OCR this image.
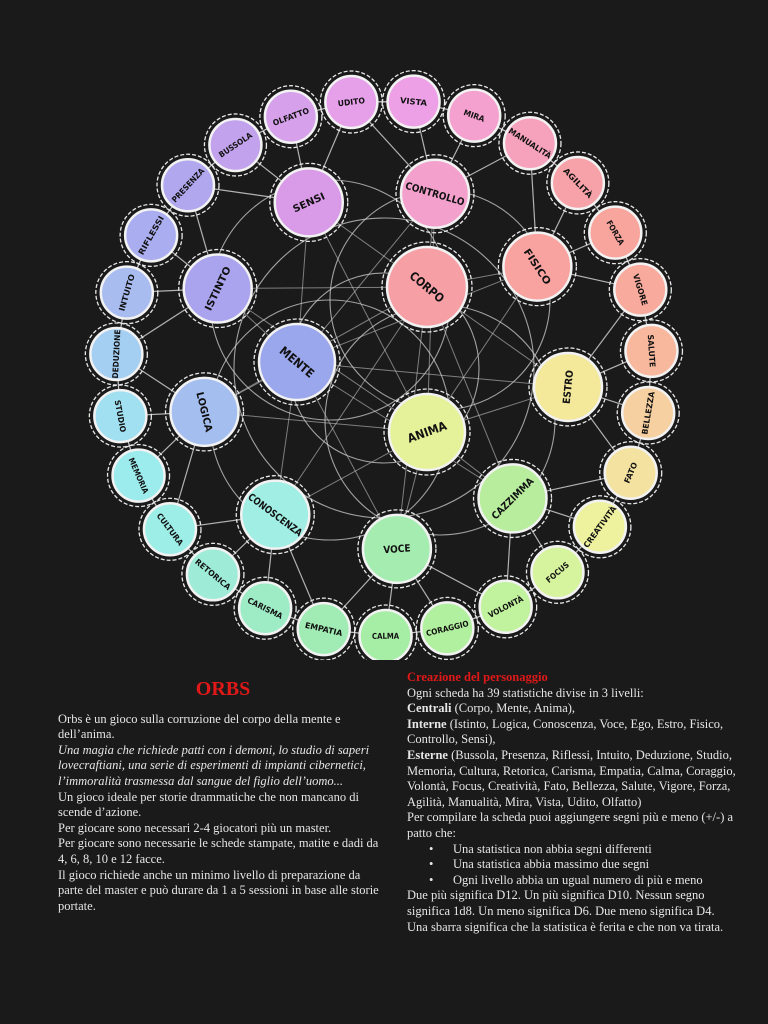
UDITO	VISTA
MIRA
MANUALITÀ
AGILITÀ
FORZA
VIGORE
SALUTE
BELLEZZA
FATO
CREATIVITÀ
FOCUS
VOLONTÀ
CORAGGIO
CALMA
EMPATIA
CARISMA
RETORICA
CULTURA
MEMORIA
STUDIO
DEDUZIONE
INTUITO
RIFLESSI
PRESENZA
BUSSOLA
OLFATTO
SENSI	CONTROLLO
FISICO
ESTRO
CAZZIMMA
VOCE
CONOSCENZA
LOGICA
ISTINTO
MENTE
CORPO
ANIMA

ORBS

Orbs è un gioco sulla corruzione del corpo della mente e dell’anima.

Una magia che richiede patti con i demoni, lo studio di saperi lovecraftiani, una serie di esperimenti di impianti cibernetici, l’immoralità trasmessa dal sangue del figlio dell’uomo...

Un gioco ideale per storie drammatiche che non mancano di scende d’azione.

Per giocare sono necessari 2-4 giocatori più un master.

Per giocare sono necessarie le schede stampate, matite e dadi da 4, 6, 8, 10 e 12 facce.

Il gioco richiede anche un minimo livello di preparazione da parte del master e può durare da 1 a 5 sessioni in base alle storie portate.

Creazione del personaggio

Ogni scheda ha 39 statistiche divise in 3 livelli:

Centrali (Corpo, Mente, Anima),

Interne (Istinto, Logica, Conoscenza, Voce, Ego, Estro, Fisico, Controllo, Sensi),

Esterne (Bussola, Presenza, Riflessi, Intuito, Deduzione, Studio, Memoria, Cultura, Retorica, Carisma, Empatia, Calma, Coraggio, Volontà, Focus, Creatività, Fato, Bellezza, Salute, Vigore, Forza, Agilità, Manualità, Mira, Vista, Udito, Olfatto)

Per compilare la scheda puoi aggiungere segni più e meno (+/-) a patto che:

• Una statistica non abbia segni differenti
• Una statistica abbia massimo due segni
• Ogni livello abbia un ugual numero di più e meno

Due più significa D12. Un più significa D10. Nessun segno significa 1d8. Un meno significa D6. Due meno significa D4. Una sbarra significa che la statistica è ferita e che non va tirata.
